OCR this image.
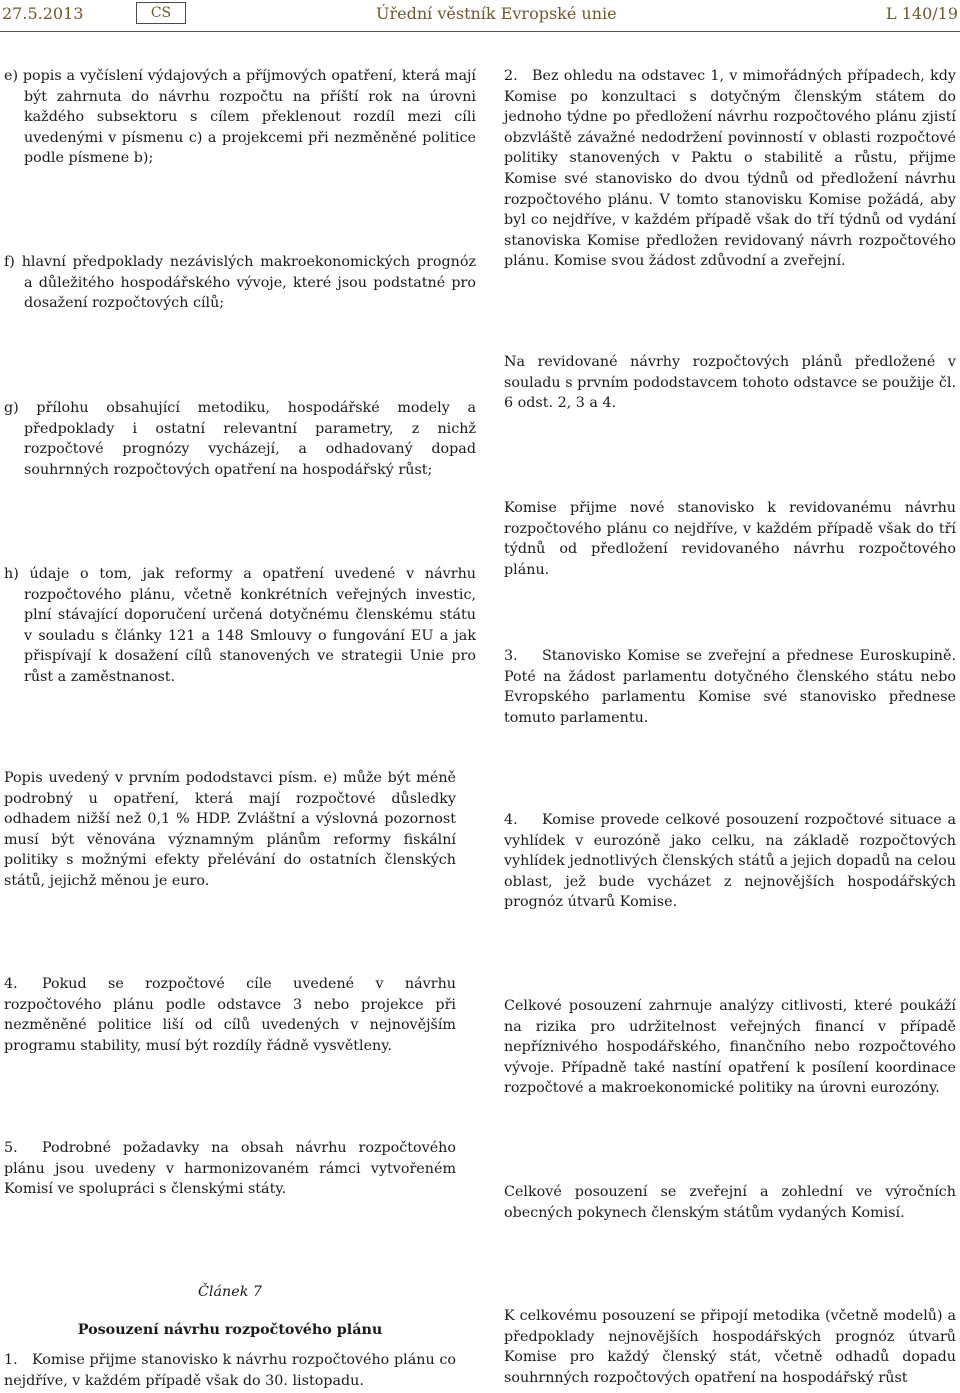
27.5.2013	CS	Úřední věstník Evropské unie	L 140/19
e) popis a vyčíslení výdajových a příjmových opatření, která mají být zahrnuta do návrhu rozpočtu na příští rok na úrovni každého subsektoru s cílem překlenout rozdíl mezi cíli uvedenými v písmenu c) a projekcemi při nezměněné politice podle písmene b);
f) hlavní předpoklady nezávislých makroekonomických prognóz a důležitého hospodářského vývoje, které jsou podstatné pro dosažení rozpočtových cílů;
g) přílohu obsahující metodiku, hospodářské modely a předpoklady i ostatní relevantní parametry, z nichž rozpočtové prognózy vycházejí, a odhadovaný dopad souhrnných rozpočtových opatření na hospodářský růst;
h) údaje o tom, jak reformy a opatření uvedené v návrhu rozpočtového plánu, včetně konkrétních veřejných investic, plní stávající doporučení určená dotyčnému členskému státu v souladu s články 121 a 148 Smlouvy o fungování EU a jak přispívají k dosažení cílů stanovených ve strategii Unie pro růst a zaměstnanost.
Popis uvedený v prvním pododstavci písm. e) může být méně podrobný u opatření, která mají rozpočtové důsledky odhadem nižší než 0,1 % HDP. Zvláštní a výslovná pozornost musí být věnována významným plánům reformy fiskální politiky s možnými efekty přelévání do ostatních členských států, jejichž měnou je euro.
4. Pokud se rozpočtové cíle uvedené v návrhu rozpočtového plánu podle odstavce 3 nebo projekce při nezměněné politice liší od cílů uvedených v nejnovějším programu stability, musí být rozdíly řádně vysvětleny.
5. Podrobné požadavky na obsah návrhu rozpočtového plánu jsou uvedeny v harmonizovaném rámci vytvořeném Komisí ve spolupráci s členskými státy.
Článek 7
Posouzení návrhu rozpočtového plánu
1. Komise přijme stanovisko k návrhu rozpočtového plánu co nejdříve, v každém případě však do 30. listopadu.
2. Bez ohledu na odstavec 1, v mimořádných případech, kdy Komise po konzultaci s dotyčným členským státem do jednoho týdne po předložení návrhu rozpočtového plánu zjistí obzvláště závažné nedodržení povinností v oblasti rozpočtové politiky stanovených v Paktu o stabilitě a růstu, přijme Komise své stanovisko do dvou týdnů od předložení návrhu rozpočtového plánu. V tomto stanovisku Komise požádá, aby byl co nejdříve, v každém případě však do tří týdnů od vydání stanoviska Komise předložen revidovaný návrh rozpočtového plánu. Komise svou žádost zdůvodní a zveřejní.
Na revidované návrhy rozpočtových plánů předložené v souladu s prvním pododstavcem tohoto odstavce se použije čl. 6 odst. 2, 3 a 4.
Komise přijme nové stanovisko k revidovanému návrhu rozpočtového plánu co nejdříve, v každém případě však do tří týdnů od předložení revidovaného návrhu rozpočtového plánu.
3. Stanovisko Komise se zveřejní a přednese Euroskupině. Poté na žádost parlamentu dotyčného členského státu nebo Evropského parlamentu Komise své stanovisko přednese tomuto parlamentu.
4. Komise provede celkové posouzení rozpočtové situace a vyhlídek v eurozóně jako celku, na základě rozpočtových vyhlídek jednotlivých členských států a jejich dopadů na celou oblast, jež bude vycházet z nejnovějších hospodářských prognóz útvarů Komise.
Celkové posouzení zahrnuje analýzy citlivosti, které poukáží na rizika pro udržitelnost veřejných financí v případě nepříznivého hospodářského, finančního nebo rozpočtového vývoje. Případně také nastíní opatření k posílení koordinace rozpočtové a makroekonomické politiky na úrovni eurozóny.
Celkové posouzení se zveřejní a zohlední ve výročních obecných pokynech členským státům vydaných Komisí.
K celkovému posouzení se připojí metodika (včetně modelů) a předpoklady nejnovějších hospodářských prognóz útvarů Komise pro každý členský stát, včetně odhadů dopadu souhrnných rozpočtových opatření na hospodářský růst
